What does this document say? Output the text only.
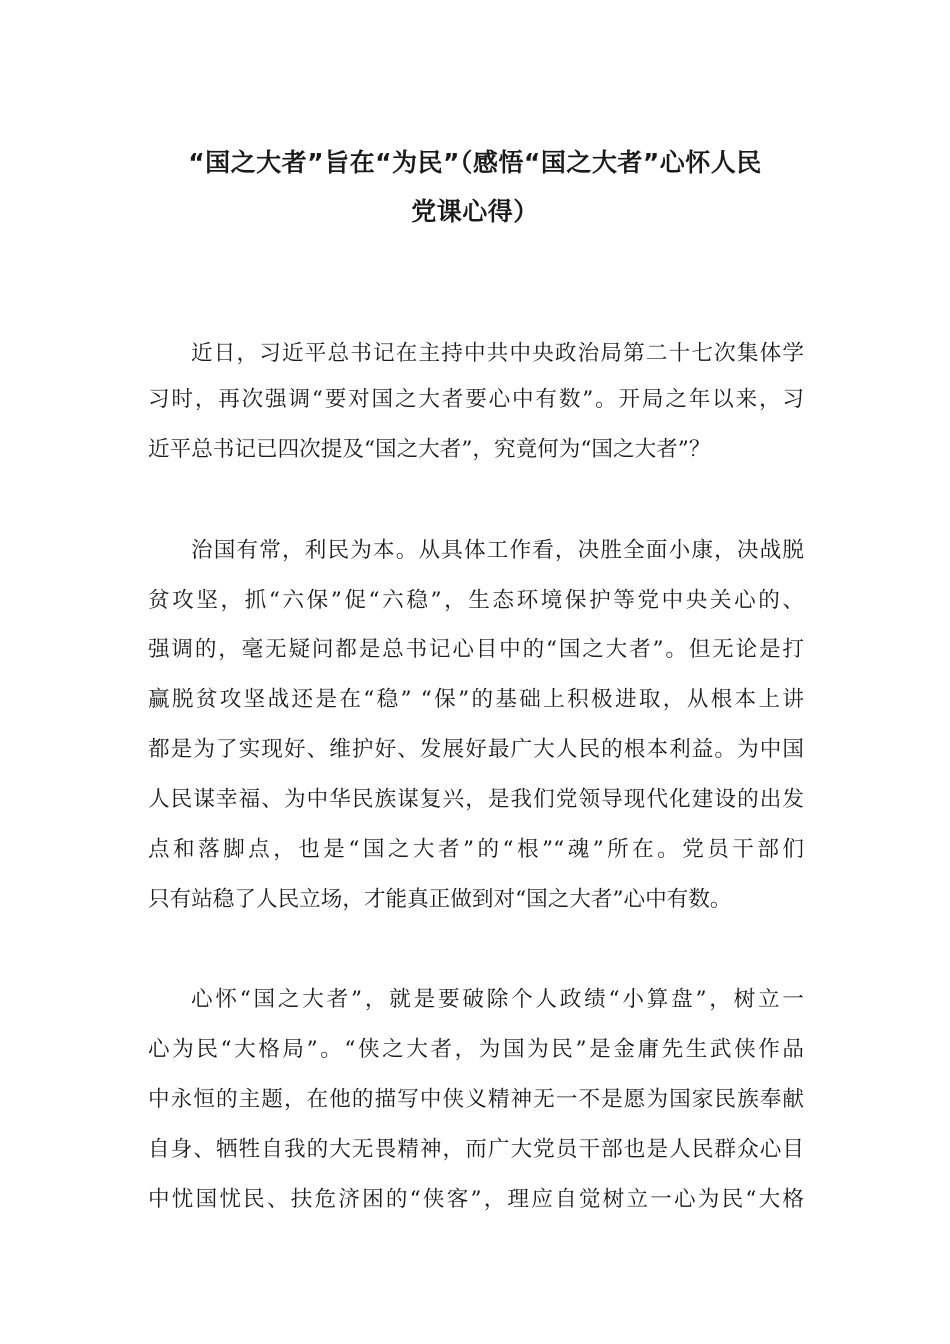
“国之大者”旨在“为民”（感悟“国之大者”心怀人民
党课心得）
近日，习近平总书记在主持中共中央政治局第二十七次集体学
习时，再次强调“要对国之大者要心中有数”。开局之年以来，习
近平总书记已四次提及“国之大者”，究竟何为“国之大者”？
治国有常，利民为本。从具体工作看，决胜全面小康，决战脱
贫攻坚，抓“六保”促“六稳”，生态环境保护等党中央关心的、
强调的，毫无疑问都是总书记心目中的“国之大者”。但无论是打
赢脱贫攻坚战还是在“稳” “保”的基础上积极进取，从根本上讲
都是为了实现好、维护好、发展好最广大人民的根本利益。为中国
人民谋幸福、为中华民族谋复兴，是我们党领导现代化建设的出发
点和落脚点，也是“国之大者”的“根”“魂”所在。党员干部们
只有站稳了人民立场，才能真正做到对“国之大者”心中有数。
心怀“国之大者”，就是要破除个人政绩“小算盘”，树立一
心为民“大格局”。“侠之大者，为国为民”是金庸先生武侠作品
中永恒的主题，在他的描写中侠义精神无一不是愿为国家民族奉献
自身、牺牲自我的大无畏精神，而广大党员干部也是人民群众心目
中忧国忧民、扶危济困的“侠客”，理应自觉树立一心为民“大格
